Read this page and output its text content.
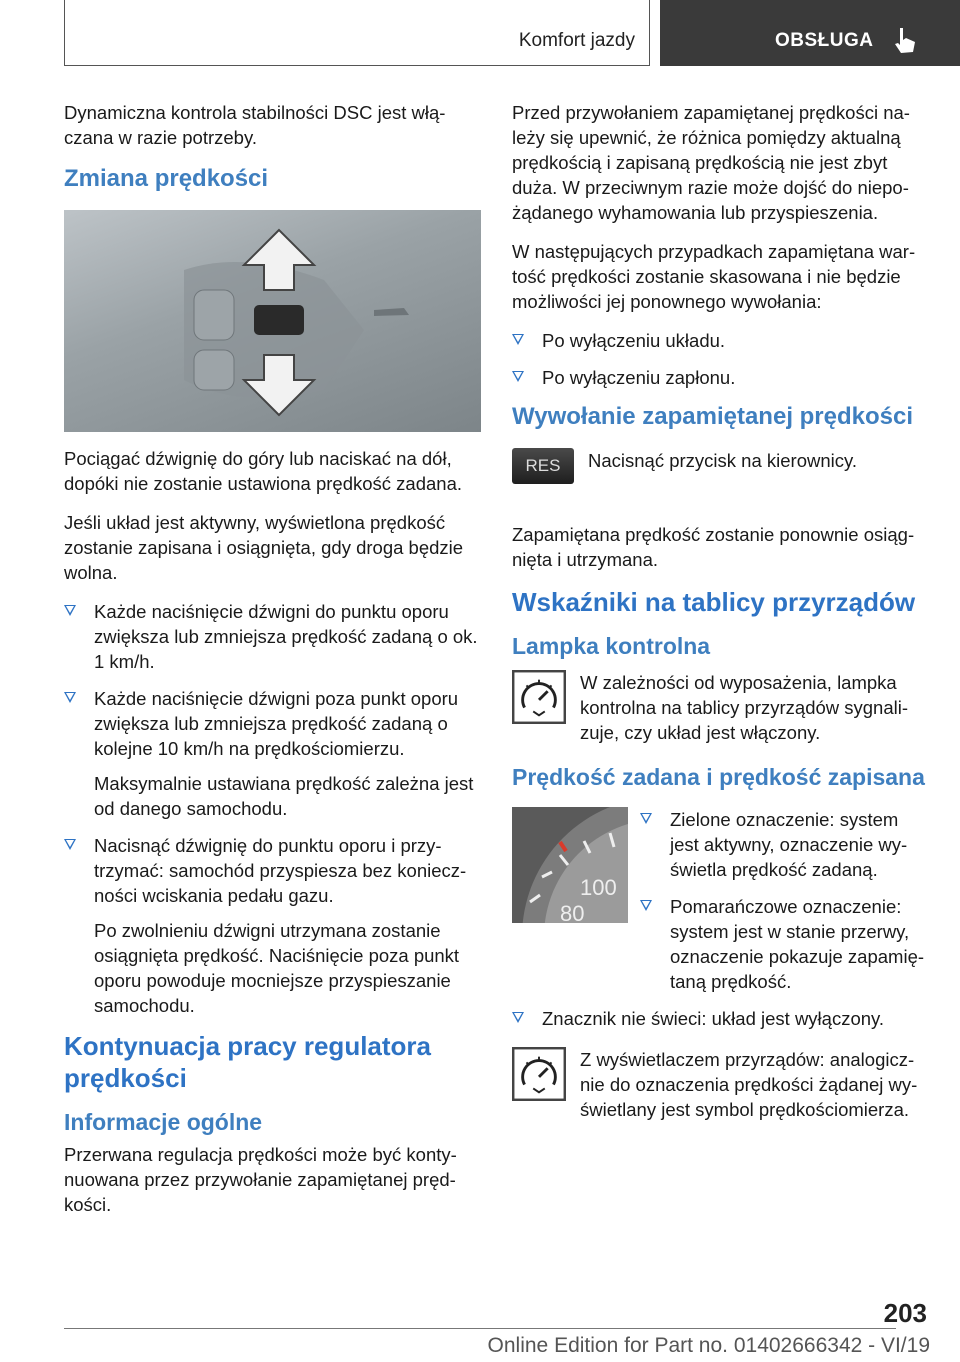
Komfort jazdy	OBSŁUGA

Dynamiczna kontrola stabilności DSC jest włączana w razie potrzeby.

Zmiana prędkości

Pociągać dźwignię do góry lub naciskać na dół, dopóki nie zostanie ustawiona prędkość zadana.

Jeśli układ jest aktywny, wyświetlona prędkość zostanie zapisana i osiągnięta, gdy droga będzie wolna.

Każde naciśnięcie dźwigni do punktu oporu zwiększa lub zmniejsza prędkość zadaną o ok. 1 km/h.
Każde naciśnięcie dźwigni poza punkt oporu zwiększa lub zmniejsza prędkość zadaną o kolejne 10 km/h na prędkościomierzu.
Maksymalnie ustawiana prędkość zależna jest od danego samochodu.
Nacisnąć dźwignię do punktu oporu i przytrzymać: samochód przyspiesza bez konieczności wciskania pedału gazu.
Po zwolnieniu dźwigni utrzymana zostanie osiągnięta prędkość. Naciśnięcie poza punkt oporu powoduje mocniejsze przyspieszanie samochodu.
Kontynuacja pracy regulatora prędkości
Informacje ogólne

Przerwana regulacja prędkości może być kontynuowana przez przywołanie zapamiętanej prędkości.

Przed przywołaniem zapamiętanej prędkości należy się upewnić, że różnica pomiędzy aktualną prędkością i zapisaną prędkością nie jest zbyt duża. W przeciwnym razie może dojść do niepożądanego wyhamowania lub przyspieszenia.

W następujących przypadkach zapamiętana wartość prędkości zostanie skasowana i nie będzie możliwości jej ponownego wywołania:

Po wyłączeniu układu.
Po wyłączeniu zapłonu.
Wywołanie zapamiętanej prędkości
RES	Nacisnąć przycisk na kierownicy.

Zapamiętana prędkość zostanie ponownie osiągnięta i utrzymana.

Wskaźniki na tablicy przyrządów
Lampka kontrolna
W zależności od wyposażenia, lampka kontrolna na tablicy przyrządów sygnalizuje, czy układ jest włączony.
Prędkość zadana i prędkość zapisana
100
80
Zielone oznaczenie: system jest aktywny, oznaczenie wyświetla prędkość zadaną.
Pomarańczowe oznaczenie: system jest w stanie przerwy, oznaczenie pokazuje zapamiętaną prędkość.
Znacznik nie świeci: układ jest wyłączony.
Z wyświetlaczem przyrządów: analogicznie do oznaczenia prędkości żądanej wyświetlany jest symbol prędkościomierza.
203
Online Edition for Part no. 01402666342 - VI/19
